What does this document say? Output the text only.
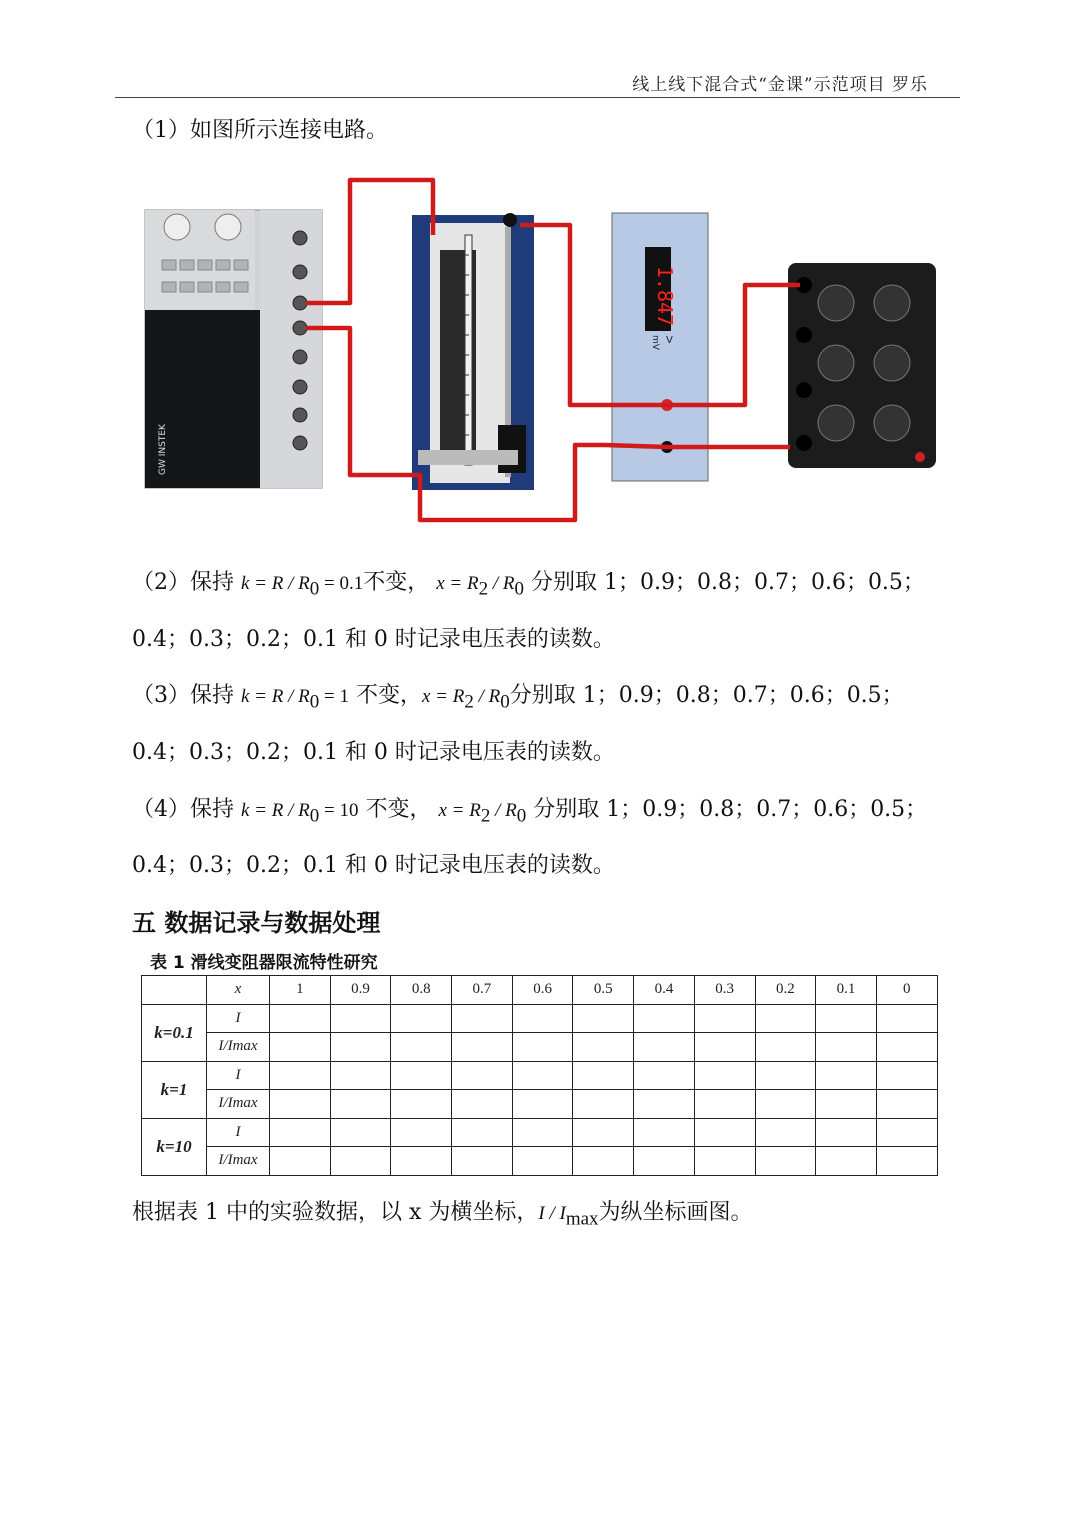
线上线下混合式“金课”示范项目 罗乐
（1）如图所示连接电路。
GW INSTEK
1.847
V
mV
（2）保持 $k = R / R_0 = 0.1$不变， $x = R_2 / R_0$ 分别取 1；0.9；0.8；0.7；0.6；0.5；
0.4；0.3；0.2；0.1 和 0 时记录电压表的读数。
（3）保持 $k = R / R_0 = 1$ 不变，$x = R_2 / R_0$分别取 1；0.9；0.8；0.7；0.6；0.5；
0.4；0.3；0.2；0.1 和 0 时记录电压表的读数。
（4）保持 $k = R / R_0 = 10$ 不变， $x = R_2 / R_0$ 分别取 1；0.9；0.8；0.7；0.6；0.5；
0.4；0.3；0.2；0.1 和 0 时记录电压表的读数。
五 数据记录与数据处理
表 1 滑线变阻器限流特性研究
	x	1	0.9	0.8	0.7	0.6	0.5	0.4	0.3	0.2	0.1	0
k=0.1	I											
	I/Imax											
k=1	I											
	I/Imax											
k=10	I											
	I/Imax											
根据表 1 中的实验数据，以 x 为横坐标，I / $I_{max}$为纵坐标画图。
